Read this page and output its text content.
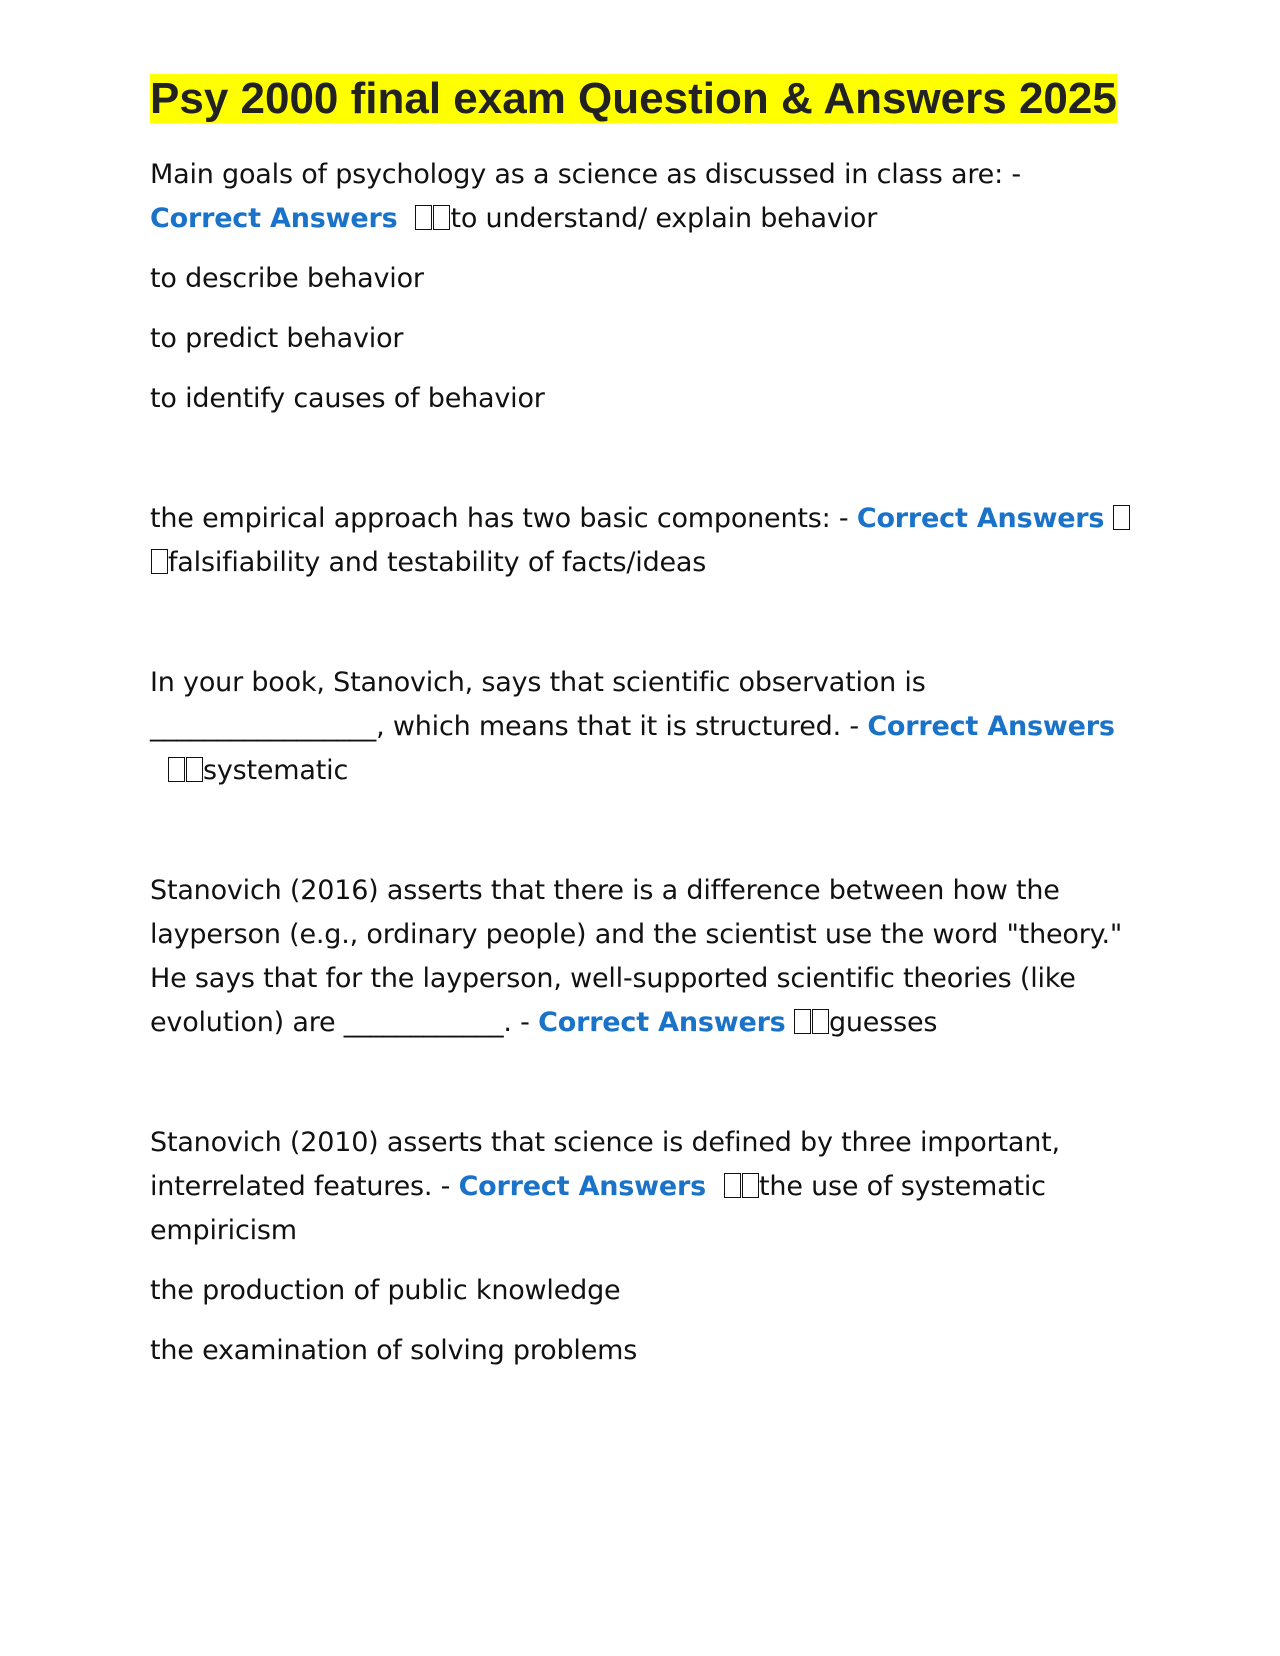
Psy 2000 final exam Question & Answers 2025

Main goals of psychology as a science as discussed in class are: - Correct Answers to understand/ explain behavior

to describe behavior

to predict behavior

to identify causes of behavior

the empirical approach has two basic components: - Correct Answers falsifiability and testability of facts/ideas

In your book, Stanovich, says that scientific observation is _________________, which means that it is structured. - Correct Answerssystematic

Stanovich (2016) asserts that there is a difference between how the layperson (e.g., ordinary people) and the scientist use the word "theory." He says that for the layperson, well-supported scientific theories (like evolution) are ____________. - Correct Answers guesses

Stanovich (2010) asserts that science is defined by three important, interrelated features. - Correct Answers the use of systematic empiricism

the production of public knowledge

the examination of solving problems
